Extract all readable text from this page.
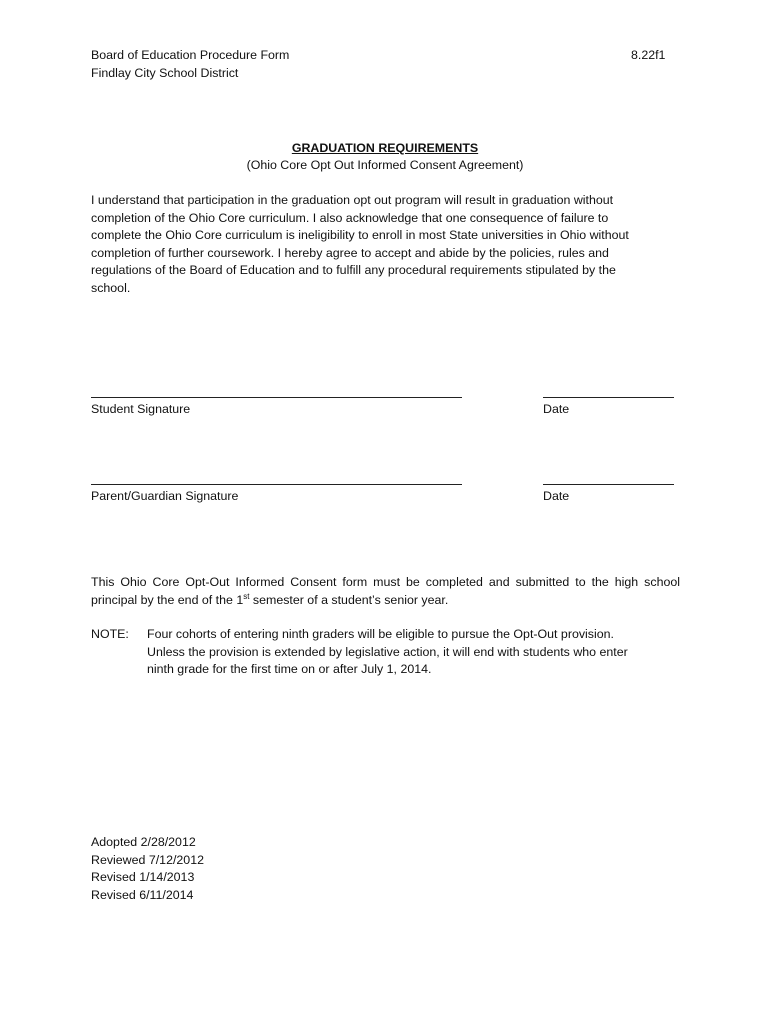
Board of Education Procedure Form
Findlay City School District
8.22f1
GRADUATION REQUIREMENTS
(Ohio Core Opt Out Informed Consent Agreement)
I understand that participation in the graduation opt out program will result in graduation without
completion of the Ohio Core curriculum. I also acknowledge that one consequence of failure to
complete the Ohio Core curriculum is ineligibility to enroll in most State universities in Ohio without
completion of further coursework. I hereby agree to accept and abide by the policies, rules and
regulations of the Board of Education and to fulfill any procedural requirements stipulated by the
school.
Student Signature	Date
Parent/Guardian Signature	Date
This Ohio Core Opt-Out Informed Consent form must be completed and submitted to the high school
principal by the end of the 1st semester of a student’s senior year.
NOTE: Four cohorts of entering ninth graders will be eligible to pursue the Opt-Out provision.
Unless the provision is extended by legislative action, it will end with students who enter
ninth grade for the first time on or after July 1, 2014.
Adopted 2/28/2012
Reviewed 7/12/2012
Revised 1/14/2013
Revised 6/11/2014
